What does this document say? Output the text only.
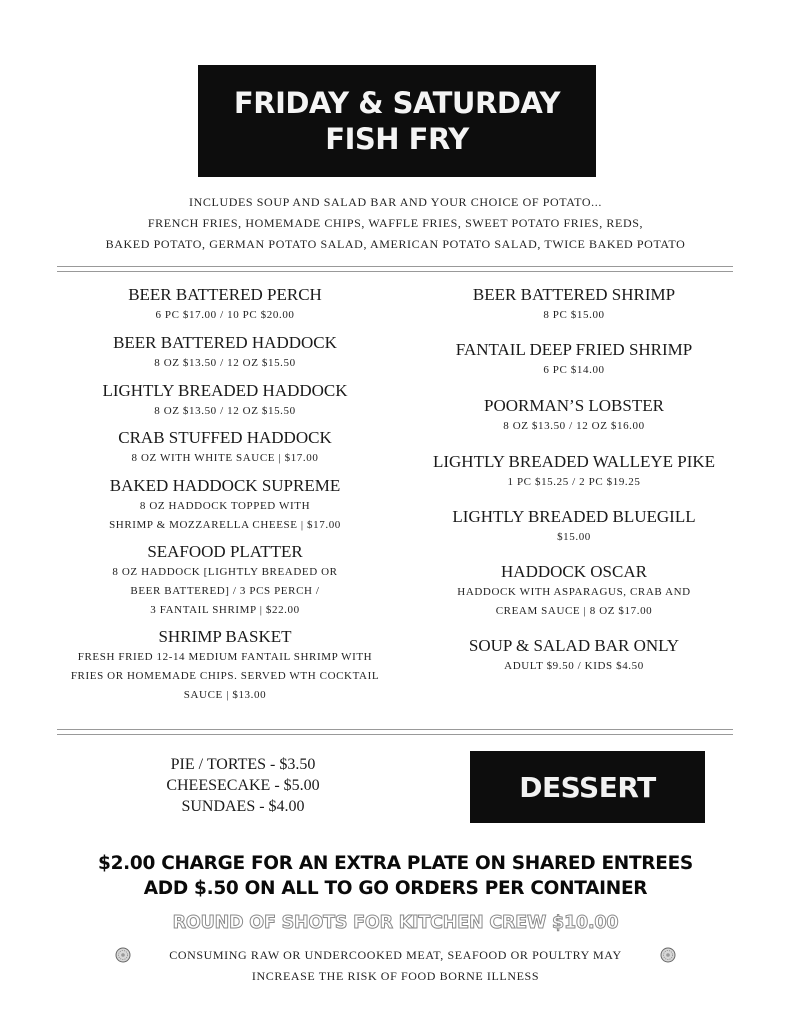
FRIDAY & SATURDAY
FISH FRY
INCLUDES SOUP AND SALAD BAR AND YOUR CHOICE OF POTATO...
FRENCH FRIES, HOMEMADE CHIPS, WAFFLE FRIES, SWEET POTATO FRIES, REDS,
BAKED POTATO, GERMAN POTATO SALAD, AMERICAN POTATO SALAD, TWICE BAKED POTATO
BEER BATTERED PERCH
6 PC $17.00 / 10 PC $20.00
BEER BATTERED HADDOCK
8 OZ $13.50 / 12 OZ $15.50
LIGHTLY BREADED HADDOCK
8 OZ $13.50 / 12 OZ $15.50
CRAB STUFFED HADDOCK
8 OZ WITH WHITE SAUCE | $17.00
BAKED HADDOCK SUPREME
8 OZ HADDOCK TOPPED WITH
SHRIMP & MOZZARELLA CHEESE | $17.00
SEAFOOD PLATTER
8 OZ HADDOCK [LIGHTLY BREADED OR
BEER BATTERED] / 3 PCS PERCH /
3 FANTAIL SHRIMP | $22.00
SHRIMP BASKET
FRESH FRIED 12-14 MEDIUM FANTAIL SHRIMP WITH
FRIES OR HOMEMADE CHIPS. SERVED WTH COCKTAIL
SAUCE | $13.00
BEER BATTERED SHRIMP
8 PC $15.00
FANTAIL DEEP FRIED SHRIMP
6 PC $14.00
POORMAN’S LOBSTER
8 OZ $13.50 / 12 OZ $16.00
LIGHTLY BREADED WALLEYE PIKE
1 PC $15.25 / 2 PC $19.25
LIGHTLY BREADED BLUEGILL
$15.00
HADDOCK OSCAR
HADDOCK WITH ASPARAGUS, CRAB AND
CREAM SAUCE | 8 OZ $17.00
SOUP & SALAD BAR ONLY
ADULT $9.50 / KIDS $4.50
PIE / TORTES - $3.50
CHEESECAKE - $5.00
SUNDAES - $4.00
DESSERT
$2.00 CHARGE FOR AN EXTRA PLATE ON SHARED ENTREES
ADD $.50 ON ALL TO GO ORDERS PER CONTAINER
ROUND OF SHOTS FOR KITCHEN CREW $10.00
CONSUMING RAW OR UNDERCOOKED MEAT, SEAFOOD OR POULTRY MAY
INCREASE THE RISK OF FOOD BORNE ILLNESS
